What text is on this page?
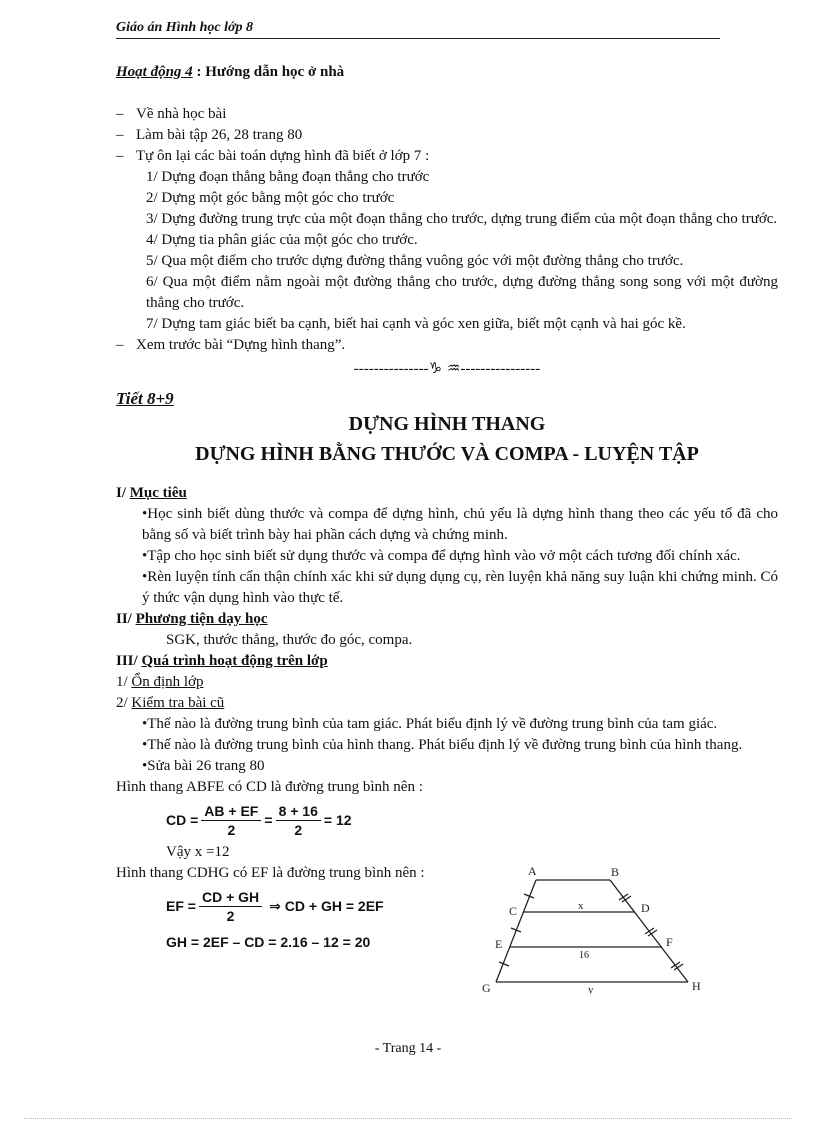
Giáo án Hình học lớp 8
Hoạt động 4 : Hướng dẫn học ở nhà
– Về nhà học bài
– Làm bài tập 26, 28 trang 80
– Tự ôn lại các bài toán dựng hình đã biết ở lớp 7 :
1/ Dựng đoạn thẳng bằng đoạn thẳng cho trước
2/ Dựng một góc bằng một góc cho trước
3/ Dựng đường trung trực của một đoạn thẳng cho trước, dựng trung điểm của một đoạn thẳng cho trước.
4/ Dựng tia phân giác của một góc cho trước.
5/ Qua một điểm cho trước dựng đường thẳng vuông góc với một đường thẳng cho trước.
6/ Qua một điểm nằm ngoài một đường thẳng cho trước, dựng đường thẳng song song với một đường thẳng cho trước.
7/ Dựng tam giác biết ba cạnh, biết hai cạnh và góc xen giữa, biết một cạnh và hai góc kề.
– Xem trước bài “Dựng hình thang”.
---------------♑ ♒----------------
Tiết 8+9
DỰNG HÌNH THANG
DỰNG HÌNH BẰNG THƯỚC VÀ COMPA - LUYỆN TẬP
I/ Mục tiêu
•Học sinh biết dùng thước và compa để dựng hình, chủ yếu là dựng hình thang theo các yếu tố đã cho bằng số và biết trình bày hai phần cách dựng và chứng minh.
•Tập cho học sinh biết sử dụng thước và compa để dựng hình vào vở một cách tương đối chính xác.
•Rèn luyện tính cẩn thận chính xác khi sử dụng dụng cụ, rèn luyện khả năng suy luận khi chứng minh. Có ý thức vận dụng hình vào thực tế.
II/ Phương tiện dạy học
SGK, thước thẳng, thước đo góc, compa.
III/ Quá trình hoạt động trên lớp
1/ Ổn định lớp
2/ Kiểm tra bài cũ
•Thế nào là đường trung bình của tam giác. Phát biểu định lý về đường trung bình của tam giác.
•Thế nào là đường trung bình của hình thang. Phát biểu định lý về đường trung bình của hình thang.
•Sửa bài 26 trang 80
Hình thang ABFE có CD là đường trung bình nên :
CD = $\frac{AB + EF}{2} = \frac{8 + 16}{2} = 12$
Vậy x =12
Hình thang CDHG có EF là đường trung bình nên :
EF = $\frac{CD + GH}{2}$ ⇒ CD + GH = 2EF
GH = 2EF – CD = 2.16 – 12 = 20
A	B
C	D
E	F
G	H
x
16
y
- Trang 14 -
